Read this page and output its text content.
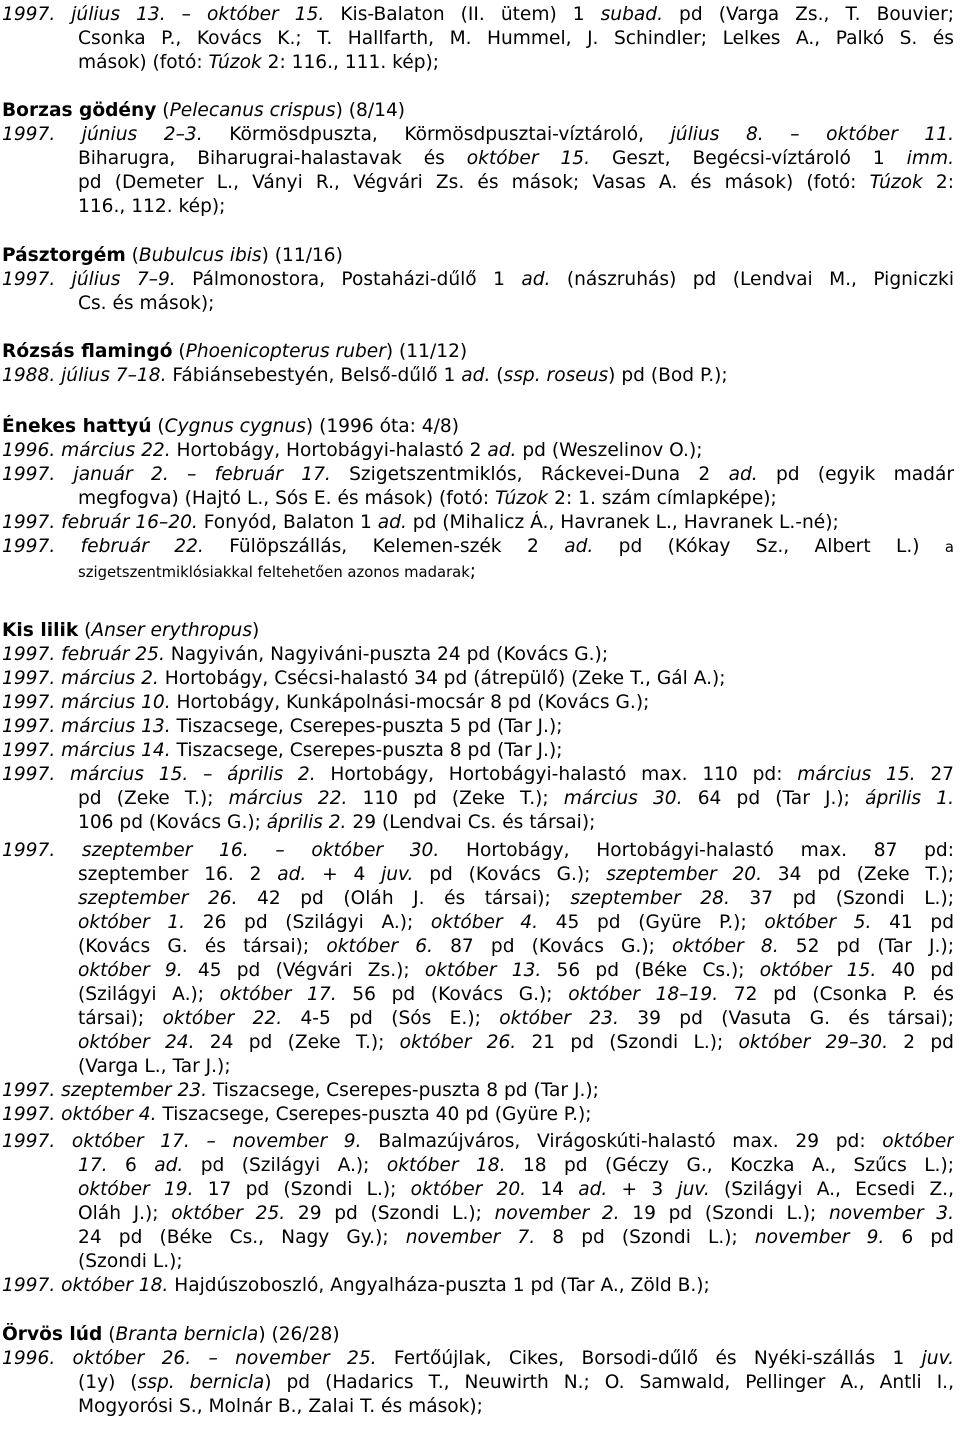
1997. július 13. – október 15. Kis-Balaton (II. ütem) 1 subad. pd (Varga Zs., T. Bouvier;
Csonka P., Kovács K.; T. Hallfarth, M. Hummel, J. Schindler; Lelkes A., Palkó S. és
mások) (fotó: Túzok 2: 116., 111. kép);
Borzas gödény (Pelecanus crispus) (8/14)
1997. június 2–3. Körmösdpuszta, Körmösdpusztai-víztároló, július 8. – október 11.
Biharugra, Biharugrai-halastavak és október 15. Geszt, Begécsi-víztároló 1 imm.
pd (Demeter L., Ványi R., Végvári Zs. és mások; Vasas A. és mások) (fotó: Túzok 2:
116., 112. kép);
Pásztorgém (Bubulcus ibis) (11/16)
1997. július 7–9. Pálmonostora, Postaházi-dűlő 1 ad. (nászruhás) pd (Lendvai M., Pigniczki
Cs. és mások);
Rózsás flamingó (Phoenicopterus ruber) (11/12)
1988. július 7–18. Fábiánsebestyén, Belső-dűlő 1 ad. (ssp. roseus) pd (Bod P.);
Énekes hattyú (Cygnus cygnus) (1996 óta: 4/8)
1996. március 22. Hortobágy, Hortobágyi-halastó 2 ad. pd (Weszelinov O.);
1997. január 2. – február 17. Szigetszentmiklós, Ráckevei-Duna 2 ad. pd (egyik madár
megfogva) (Hajtó L., Sós E. és mások) (fotó: Túzok 2: 1. szám címlapképe);
1997. február 16–20. Fonyód, Balaton 1 ad. pd (Mihalicz Á., Havranek L., Havranek L.-né);
1997. február 22. Fülöpszállás, Kelemen-szék 2 ad. pd (Kókay Sz., Albert L.) a
szigetszentmiklósiakkal feltehetően azonos madarak;
Kis lilik (Anser erythropus)
1997. február 25. Nagyiván, Nagyiváni-puszta 24 pd (Kovács G.);
1997. március 2. Hortobágy, Csécsi-halastó 34 pd (átrepülő) (Zeke T., Gál A.);
1997. március 10. Hortobágy, Kunkápolnási-mocsár 8 pd (Kovács G.);
1997. március 13. Tiszacsege, Cserepes-puszta 5 pd (Tar J.);
1997. március 14. Tiszacsege, Cserepes-puszta 8 pd (Tar J.);
1997. március 15. – április 2. Hortobágy, Hortobágyi-halastó max. 110 pd: március 15. 27
pd (Zeke T.); március 22. 110 pd (Zeke T.); március 30. 64 pd (Tar J.); április 1.
106 pd (Kovács G.); április 2. 29 (Lendvai Cs. és társai);
1997. szeptember 16. – október 30. Hortobágy, Hortobágyi-halastó max. 87 pd:
szeptember 16. 2 ad. + 4 juv. pd (Kovács G.); szeptember 20. 34 pd (Zeke T.);
szeptember 26. 42 pd (Oláh J. és társai); szeptember 28. 37 pd (Szondi L.);
október 1. 26 pd (Szilágyi A.); október 4. 45 pd (Gyüre P.); október 5. 41 pd
(Kovács G. és társai); október 6. 87 pd (Kovács G.); október 8. 52 pd (Tar J.);
október 9. 45 pd (Végvári Zs.); október 13. 56 pd (Béke Cs.); október 15. 40 pd
(Szilágyi A.); október 17. 56 pd (Kovács G.); október 18–19. 72 pd (Csonka P. és
társai); október 22. 4-5 pd (Sós E.); október 23. 39 pd (Vasuta G. és társai);
október 24. 24 pd (Zeke T.); október 26. 21 pd (Szondi L.); október 29–30. 2 pd
(Varga L., Tar J.);
1997. szeptember 23. Tiszacsege, Cserepes-puszta 8 pd (Tar J.);
1997. október 4. Tiszacsege, Cserepes-puszta 40 pd (Gyüre P.);
1997. október 17. – november 9. Balmazújváros, Virágoskúti-halastó max. 29 pd: október
17. 6 ad. pd (Szilágyi A.); október 18. 18 pd (Géczy G., Koczka A., Szűcs L.);
október 19. 17 pd (Szondi L.); október 20. 14 ad. + 3 juv. (Szilágyi A., Ecsedi Z.,
Oláh J.); október 25. 29 pd (Szondi L.); november 2. 19 pd (Szondi L.); november 3.
24 pd (Béke Cs., Nagy Gy.); november 7. 8 pd (Szondi L.); november 9. 6 pd
(Szondi L.);
1997. október 18. Hajdúszoboszló, Angyalháza-puszta 1 pd (Tar A., Zöld B.);
Örvös lúd (Branta bernicla) (26/28)
1996. október 26. – november 25. Fertőújlak, Cikes, Borsodi-dűlő és Nyéki-szállás 1 juv.
(1y) (ssp. bernicla) pd (Hadarics T., Neuwirth N.; O. Samwald, Pellinger A., Antli I.,
Mogyorósi S., Molnár B., Zalai T. és mások);
